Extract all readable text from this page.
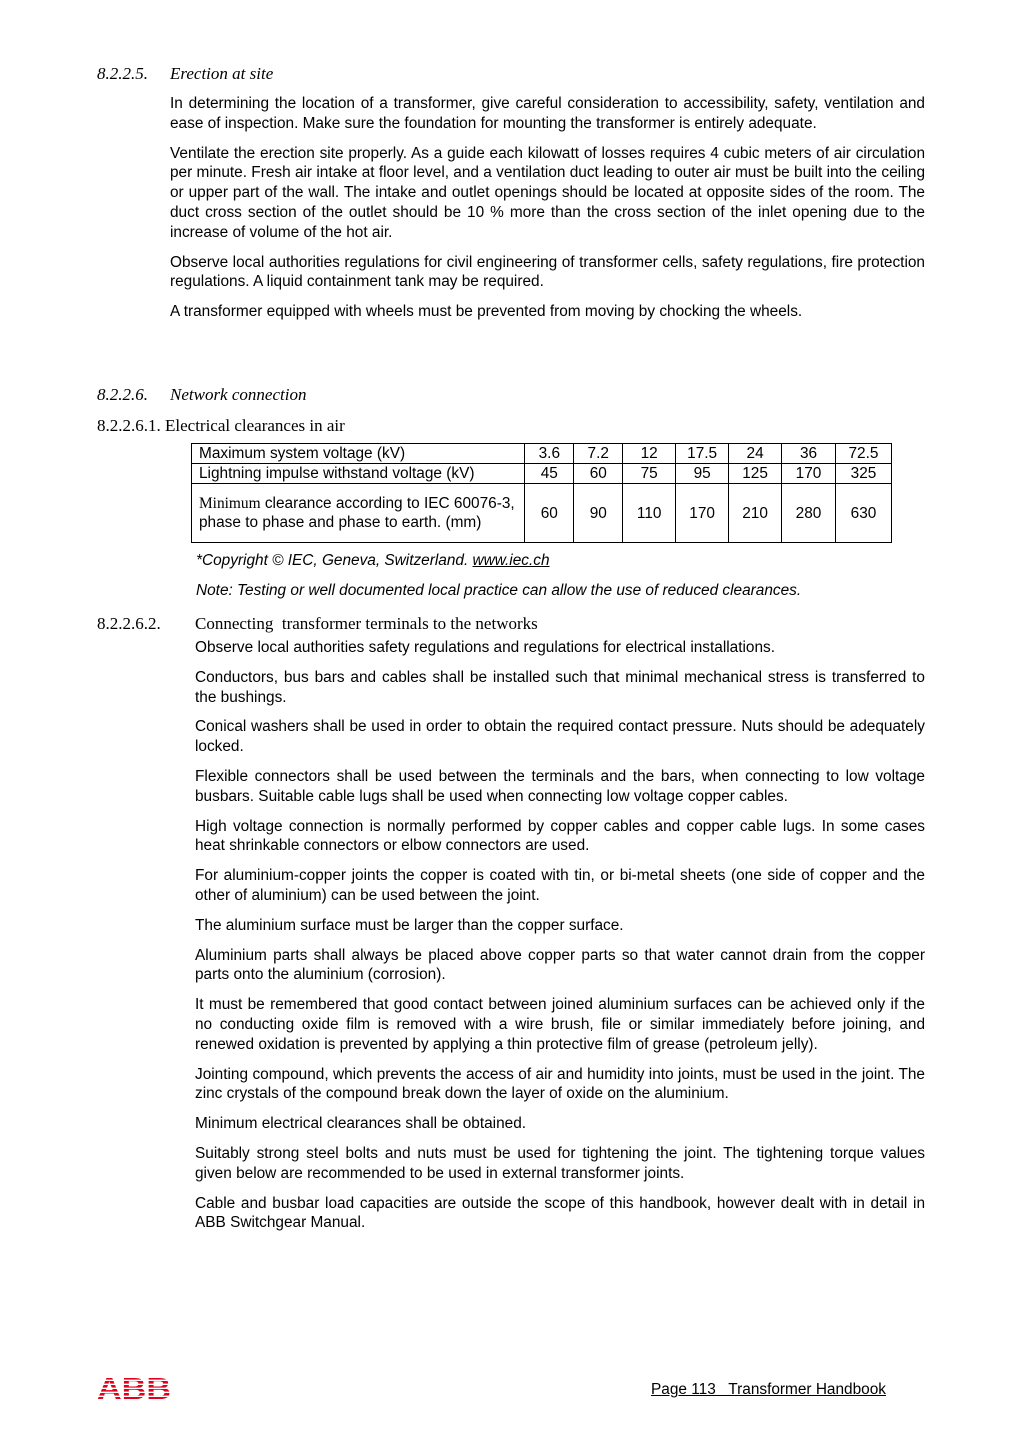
8.2.2.5. Erection at site

In determining the location of a transformer, give careful consideration to accessibility, safety, ventilation and ease of inspection. Make sure the foundation for mounting the transformer is entirely adequate.

Ventilate the erection site properly. As a guide each kilowatt of losses requires 4 cubic meters of air circulation per minute. Fresh air intake at floor level, and a ventilation duct leading to outer air must be built into the ceiling or upper part of the wall. The intake and outlet openings should be located at opposite sides of the room. The duct cross section of the outlet should be 10 % more than the cross section of the inlet opening due to the increase of volume of the hot air.

Observe local authorities regulations for civil engineering of transformer cells, safety regulations, fire protection regulations. A liquid containment tank may be required.

A transformer equipped with wheels must be prevented from moving by chocking the wheels.

8.2.2.6. Network connection
8.2.2.6.1. Electrical clearances in air
Maximum system voltage (kV)	3.6	7.2	12	17.5	24	36	72.5
Lightning impulse withstand voltage (kV)	45	60	75	95	125	170	325
Minimum clearance according to IEC 60076-3, phase to phase and phase to earth. (mm)	60	90	110	170	210	280	630
*Copyright © IEC, Geneva, Switzerland. www.iec.ch
Note: Testing or well documented local practice can allow the use of reduced clearances.
8.2.2.6.2. Connecting  transformer terminals to the networks

Observe local authorities safety regulations and regulations for electrical installations.

Conductors, bus bars and cables shall be installed such that minimal mechanical stress is transferred to the bushings.

Conical washers shall be used in order to obtain the required contact pressure. Nuts should be adequately locked.

Flexible connectors shall be used between the terminals and the bars, when connecting to low voltage busbars. Suitable cable lugs shall be used when connecting low voltage copper cables.

High voltage connection is normally performed by copper cables and copper cable lugs. In some cases heat shrinkable connectors or elbow connectors are used.

For aluminium-copper joints the copper is coated with tin, or bi-metal sheets (one side of copper and the other of aluminium) can be used between the joint.

The aluminium surface must be larger than the copper surface.

Aluminium parts shall always be placed above copper parts so that water cannot drain from the copper parts onto the aluminium (corrosion).

It must be remembered that good contact between joined aluminium surfaces can be achieved only if the no conducting oxide film is removed with a wire brush, file or similar immediately before joining, and renewed oxidation is prevented by applying a thin protective film of grease (petroleum jelly).

Jointing compound, which prevents the access of air and humidity into joints, must be used in the joint. The zinc crystals of the compound break down the layer of oxide on the aluminium.

Minimum electrical clearances shall be obtained.

Suitably strong steel bolts and nuts must be used for tightening the joint. The tightening torque values given below are recommended to be used in external transformer joints.

Cable and busbar load capacities are outside the scope of this handbook, however dealt with in detail in ABB Switchgear Manual.

ABB	Page 113   Transformer Handbook
